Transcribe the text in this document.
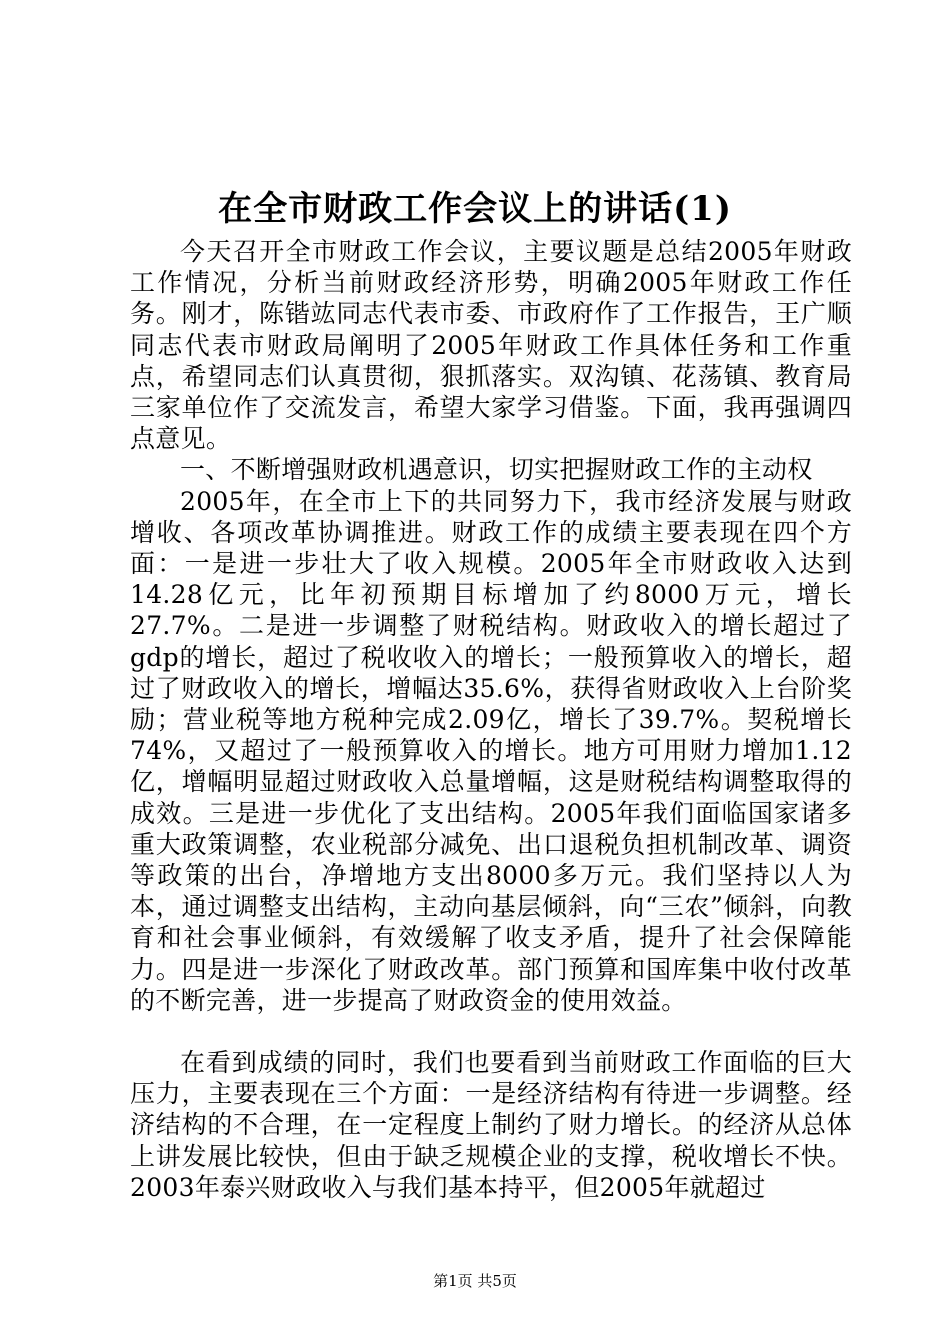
在全市财政工作会议上的讲话(1)

今天召开全市财政工作会议，主要议题是总结2005年财政工作情况，分析当前财政经济形势，明确2005年财政工作任务。刚才，陈锴竑同志代表市委、市政府作了工作报告，王广顺同志代表市财政局阐明了2005年财政工作具体任务和工作重点，希望同志们认真贯彻，狠抓落实。双沟镇、花荡镇、教育局三家单位作了交流发言，希望大家学习借鉴。下面，我再强调四点意见。

一、不断增强财政机遇意识，切实把握财政工作的主动权

2005年，在全市上下的共同努力下，我市经济发展与财政增收、各项改革协调推进。财政工作的成绩主要表现在四个方面：一是进一步壮大了收入规模。2005年全市财政收入达到14.28亿元，比年初预期目标增加了约8000万元，增长27.7%。二是进一步调整了财税结构。财政收入的增长超过了gdp的增长，超过了税收收入的增长；一般预算收入的增长，超过了财政收入的增长，增幅达35.6%，获得省财政收入上台阶奖励；营业税等地方税种完成2.09亿，增长了39.7%。契税增长74%，又超过了一般预算收入的增长。地方可用财力增加1.12亿，增幅明显超过财政收入总量增幅，这是财税结构调整取得的成效。三是进一步优化了支出结构。2005年我们面临国家诸多重大政策调整，农业税部分减免、出口退税负担机制改革、调资等政策的出台，净增地方支出8000多万元。我们坚持以人为本，通过调整支出结构，主动向基层倾斜，向“三农”倾斜，向教育和社会事业倾斜，有效缓解了收支矛盾，提升了社会保障能力。四是进一步深化了财政改革。部门预算和国库集中收付改革的不断完善，进一步提高了财政资金的使用效益。

在看到成绩的同时，我们也要看到当前财政工作面临的巨大压力，主要表现在三个方面：一是经济结构有待进一步调整。经济结构的不合理，在一定程度上制约了财力增长。的经济从总体上讲发展比较快，但由于缺乏规模企业的支撑，税收增长不快。2003年泰兴财政收入与我们基本持平，但2005年就超过

第1页 共5页
